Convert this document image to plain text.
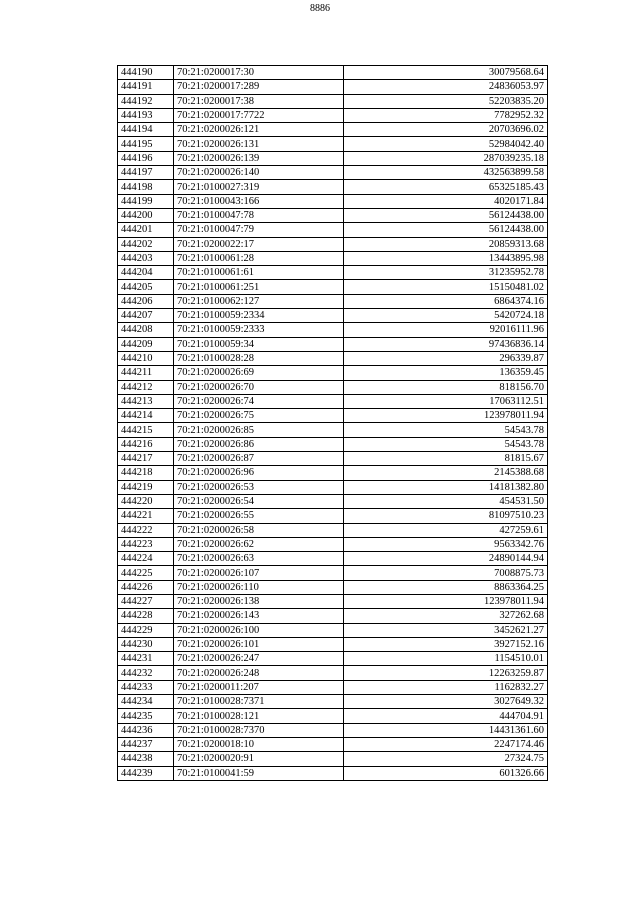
8886
444190	70:21:0200017:30	30079568.64
444191	70:21:0200017:289	24836053.97
444192	70:21:0200017:38	52203835.20
444193	70:21:0200017:7722	7782952.32
444194	70:21:0200026:121	20703696.02
444195	70:21:0200026:131	52984042.40
444196	70:21:0200026:139	287039235.18
444197	70:21:0200026:140	432563899.58
444198	70:21:0100027:319	65325185.43
444199	70:21:0100043:166	4020171.84
444200	70:21:0100047:78	56124438.00
444201	70:21:0100047:79	56124438.00
444202	70:21:0200022:17	20859313.68
444203	70:21:0100061:28	13443895.98
444204	70:21:0100061:61	31235952.78
444205	70:21:0100061:251	15150481.02
444206	70:21:0100062:127	6864374.16
444207	70:21:0100059:2334	5420724.18
444208	70:21:0100059:2333	92016111.96
444209	70:21:0100059:34	97436836.14
444210	70:21:0100028:28	296339.87
444211	70:21:0200026:69	136359.45
444212	70:21:0200026:70	818156.70
444213	70:21:0200026:74	17063112.51
444214	70:21:0200026:75	123978011.94
444215	70:21:0200026:85	54543.78
444216	70:21:0200026:86	54543.78
444217	70:21:0200026:87	81815.67
444218	70:21:0200026:96	2145388.68
444219	70:21:0200026:53	14181382.80
444220	70:21:0200026:54	454531.50
444221	70:21:0200026:55	81097510.23
444222	70:21:0200026:58	427259.61
444223	70:21:0200026:62	9563342.76
444224	70:21:0200026:63	24890144.94
444225	70:21:0200026:107	7008875.73
444226	70:21:0200026:110	8863364.25
444227	70:21:0200026:138	123978011.94
444228	70:21:0200026:143	327262.68
444229	70:21:0200026:100	3452621.27
444230	70:21:0200026:101	3927152.16
444231	70:21:0200026:247	1154510.01
444232	70:21:0200026:248	12263259.87
444233	70:21:0200011:207	1162832.27
444234	70:21:0100028:7371	3027649.32
444235	70:21:0100028:121	444704.91
444236	70:21:0100028:7370	14431361.60
444237	70:21:0200018:10	2247174.46
444238	70:21:0200020:91	27324.75
444239	70:21:0100041:59	601326.66
